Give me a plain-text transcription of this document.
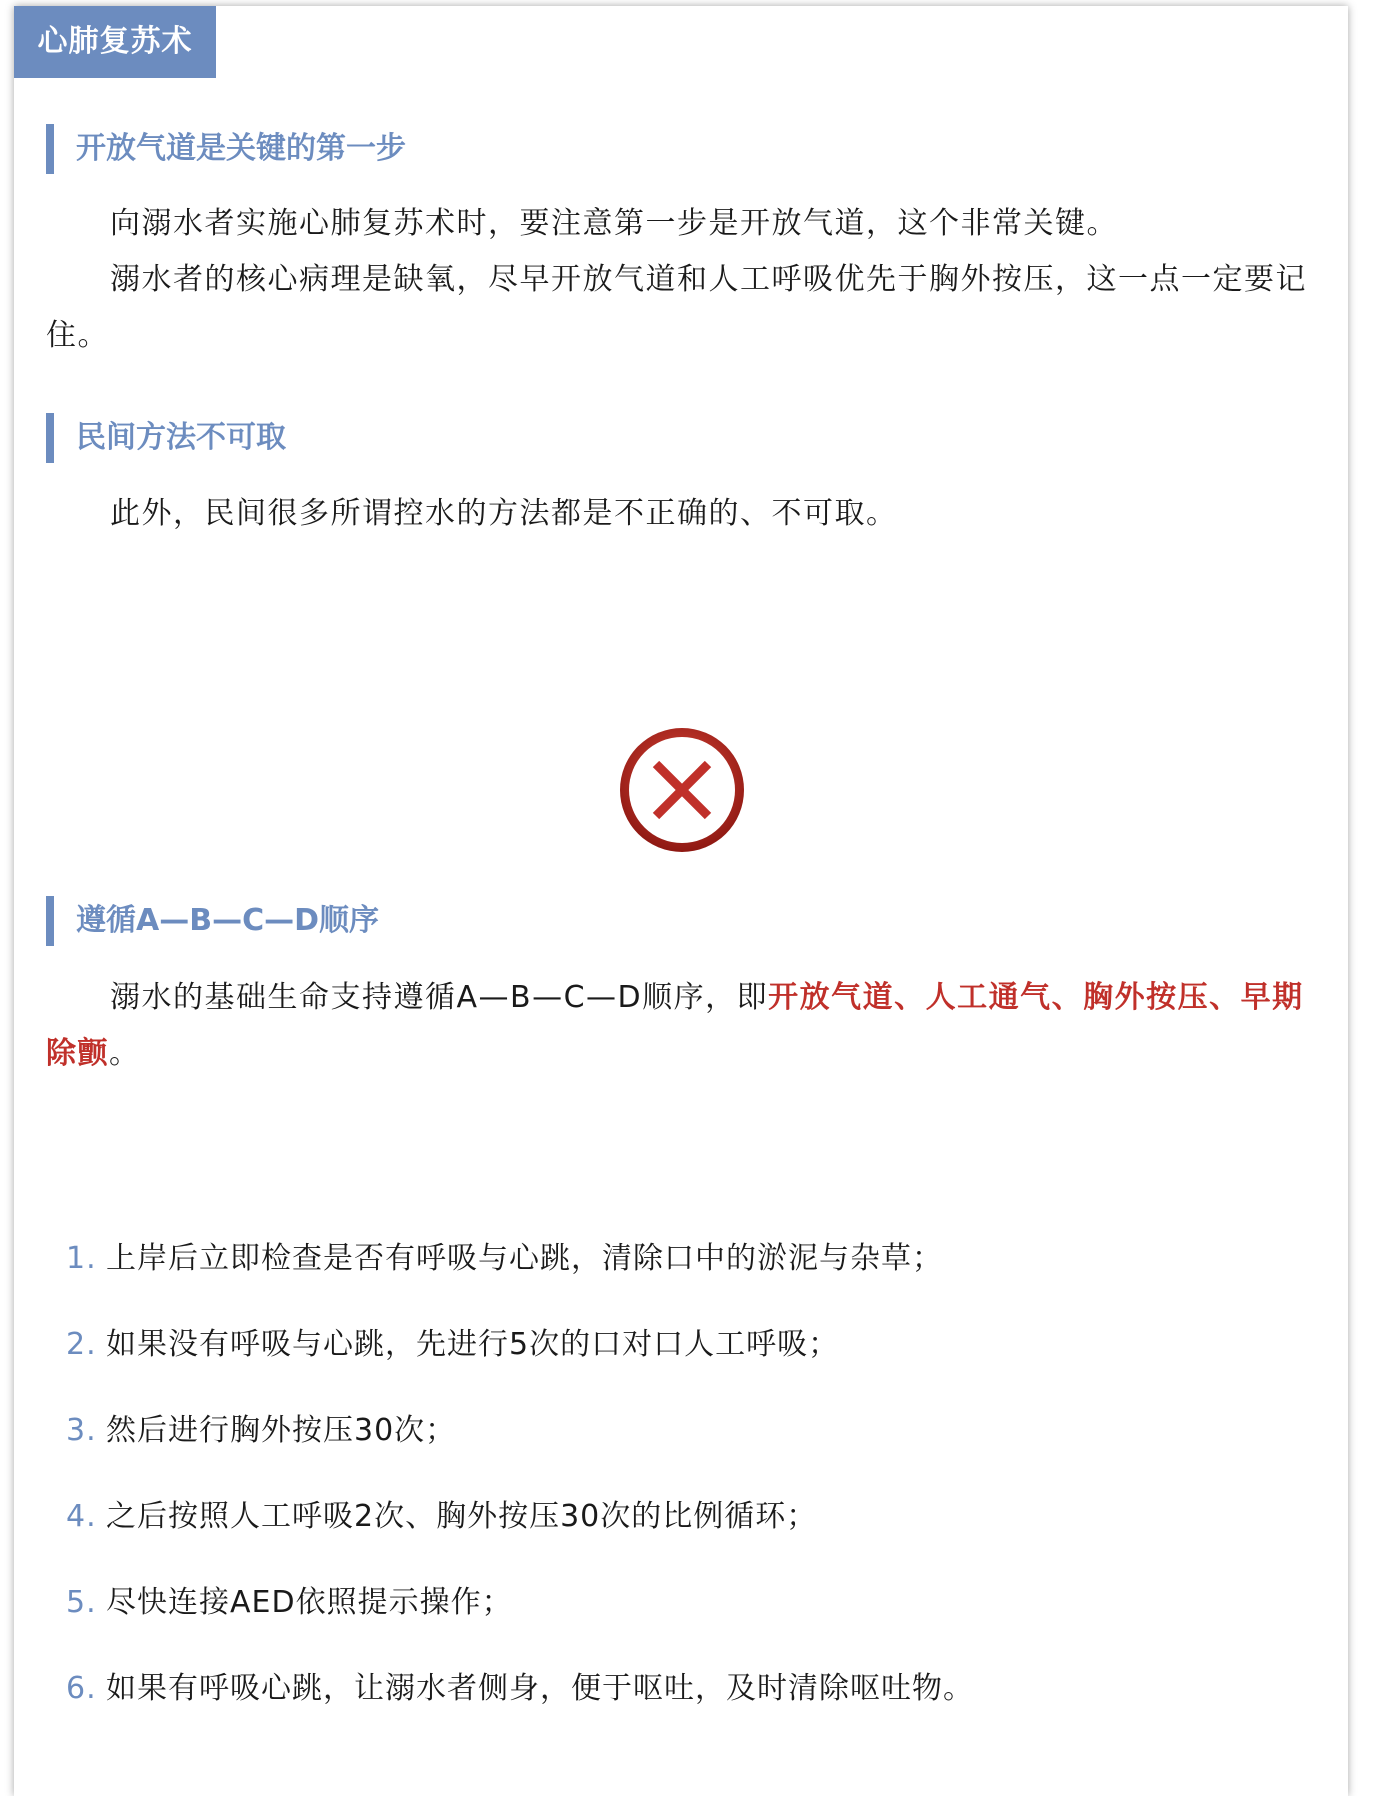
心肺复苏术
开放气道是关键的第一步

向溺水者实施心肺复苏术时，要注意第一步是开放气道，这个非常关键。

溺水者的核心病理是缺氧，尽早开放气道和人工呼吸优先于胸外按压，这一点一定要记住。

民间方法不可取

此外，民间很多所谓控水的方法都是不正确的、不可取。

遵循A—B—C—D顺序

溺水的基础生命支持遵循A—B—C—D顺序，即开放气道、人工通气、胸外按压、早期除颤。

1. 上岸后立即检查是否有呼吸与心跳，清除口中的淤泥与杂草；
2. 如果没有呼吸与心跳，先进行5次的口对口人工呼吸；
3. 然后进行胸外按压30次；
4. 之后按照人工呼吸2次、胸外按压30次的比例循环；
5. 尽快连接AED依照提示操作；
6. 如果有呼吸心跳，让溺水者侧身，便于呕吐，及时清除呕吐物。
